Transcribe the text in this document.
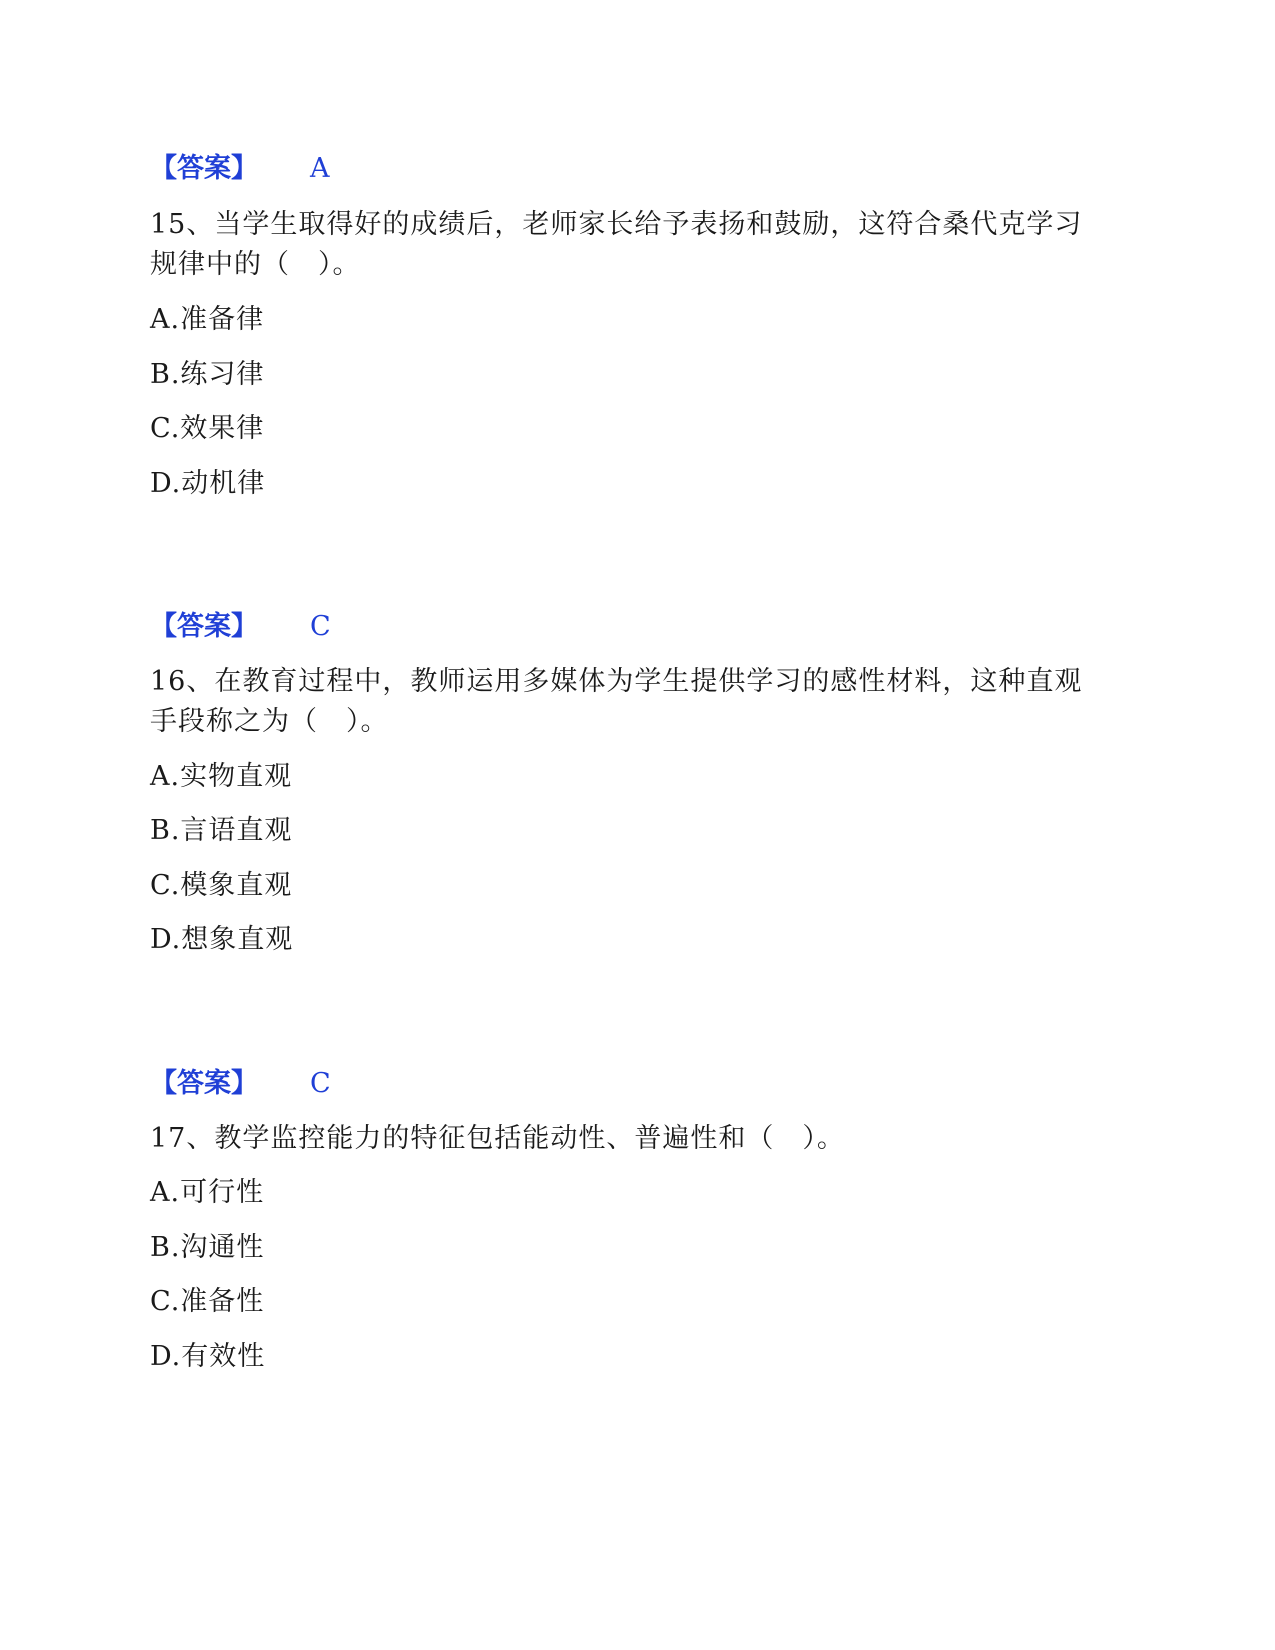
【答案】 A
15、当学生取得好的成绩后，老师家长给予表扬和鼓励，这符合桑代克学习
规律中的（　）。
A.准备律
B.练习律
C.效果律
D.动机律
【答案】 C
16、在教育过程中，教师运用多媒体为学生提供学习的感性材料，这种直观
手段称之为（　）。
A.实物直观
B.言语直观
C.模象直观
D.想象直观
【答案】 C
17、教学监控能力的特征包括能动性、普遍性和（　）。
A.可行性
B.沟通性
C.准备性
D.有效性
